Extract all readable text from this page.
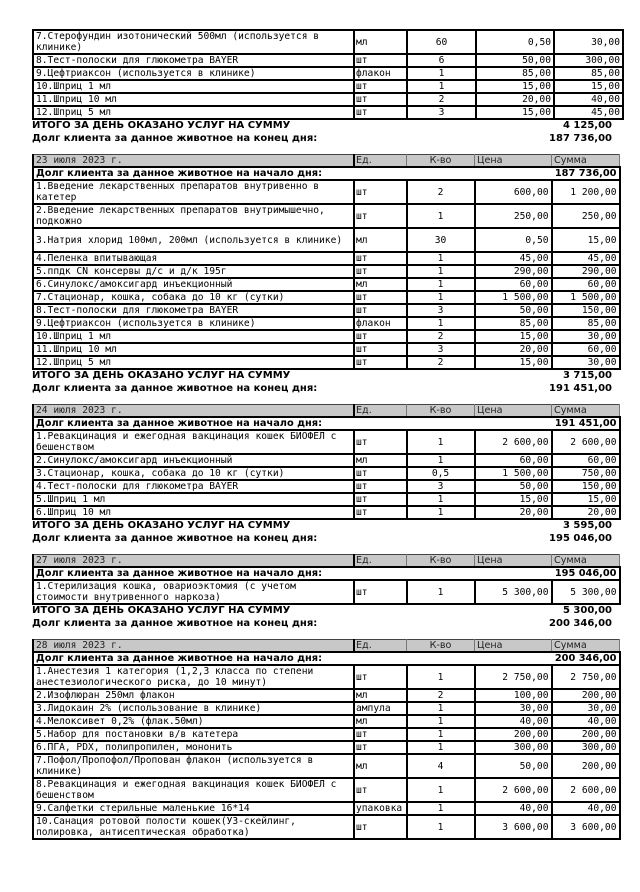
7.Стерофундин изотонический 500мл (используется в клинике)	мл	60	0,50	30,00
8.Тест-полоски для глюкометра BAYER	шт	6	50,00	300,00
9.Цефтриаксон (используется в клинике)	флакон	1	85,00	85,00
10.Шприц 1 мл	шт	1	15,00	15,00
11.Шприц 10 мл	шт	2	20,00	40,00
12.Шприц 5 мл	шт	3	15,00	45,00
ИТОГО ЗА ДЕНЬ ОКАЗАНО УСЛУГ НА СУММУ	4 125,00
Долг клиента за данное животное на конец дня:	187 736,00
23 июля 2023 г.	Ед.	К-во	Цена	Сумма
Долг клиента за данное животное на начало дня:				187 736,00
1.Введение лекарственных препаратов внутривенно в катетер	шт	2	600,00	1 200,00
2.Введение лекарственных препаратов внутримышечно, подкожно	шт	1	250,00	250,00
3.Натрия хлорид 100мл, 200мл (используется в клинике)	мл	30	0,50	15,00
4.Пеленка впитывающая	шт	1	45,00	45,00
5.ппдк CN консервы д/с и д/к 195г	шт	1	290,00	290,00
6.Синулокс/амоксигард инъекционный	мл	1	60,00	60,00
7.Стационар, кошка, собака до 10 кг (сутки)	шт	1	1 500,00	1 500,00
8.Тест-полоски для глюкометра BAYER	шт	3	50,00	150,00
9.Цефтриаксон (используется в клинике)	флакон	1	85,00	85,00
10.Шприц 1 мл	шт	2	15,00	30,00
11.Шприц 10 мл	шт	3	20,00	60,00
12.Шприц 5 мл	шт	2	15,00	30,00
ИТОГО ЗА ДЕНЬ ОКАЗАНО УСЛУГ НА СУММУ	3 715,00
Долг клиента за данное животное на конец дня:	191 451,00
24 июля 2023 г.	Ед.	К-во	Цена	Сумма
Долг клиента за данное животное на начало дня:				191 451,00
1.Ревакцинация и ежегодная вакцинация кошек БИОФЕЛ с бешенством	шт	1	2 600,00	2 600,00
2.Синулокс/амоксигард инъекционный	мл	1	60,00	60,00
3.Стационар, кошка, собака до 10 кг (сутки)	шт	0,5	1 500,00	750,00
4.Тест-полоски для глюкометра BAYER	шт	3	50,00	150,00
5.Шприц 1 мл	шт	1	15,00	15,00
6.Шприц 10 мл	шт	1	20,00	20,00
ИТОГО ЗА ДЕНЬ ОКАЗАНО УСЛУГ НА СУММУ	3 595,00
Долг клиента за данное животное на конец дня:	195 046,00
27 июля 2023 г.	Ед.	К-во	Цена	Сумма
Долг клиента за данное животное на начало дня:				195 046,00
1.Стерилизация кошка, овариоэктомия (с учетом стоимости внутривенного наркоза)	шт	1	5 300,00	5 300,00
ИТОГО ЗА ДЕНЬ ОКАЗАНО УСЛУГ НА СУММУ	5 300,00
Долг клиента за данное животное на конец дня:	200 346,00
28 июля 2023 г.	Ед.	К-во	Цена	Сумма
Долг клиента за данное животное на начало дня:				200 346,00
1.Анестезия 1 категория (1,2,3 класса по степени анестезиологического риска, до 10 минут)	шт	1	2 750,00	2 750,00
2.Изофлюран 250мл флакон	мл	2	100,00	200,00
3.Лидокаин 2% (использование в клинике)	ампула	1	30,00	30,00
4.Мелоксивет 0,2% (флак.50мл)	мл	1	40,00	40,00
5.Набор для постановки в/в катетера	шт	1	200,00	200,00
6.ПГА, PDX, полипропилен, мононить	шт	1	300,00	300,00
7.Пофол/Пропофол/Пропован флакон (используется в клинике)	мл	4	50,00	200,00
8.Ревакцинация и ежегодная вакцинация кошек БИОФЕЛ с бешенством	шт	1	2 600,00	2 600,00
9.Салфетки стерильные маленькие 16*14	упаковка	1	40,00	40,00
10.Санация ротовой полости кошек(УЗ-скейлинг, полировка, антисептическая обработка)	шт	1	3 600,00	3 600,00
